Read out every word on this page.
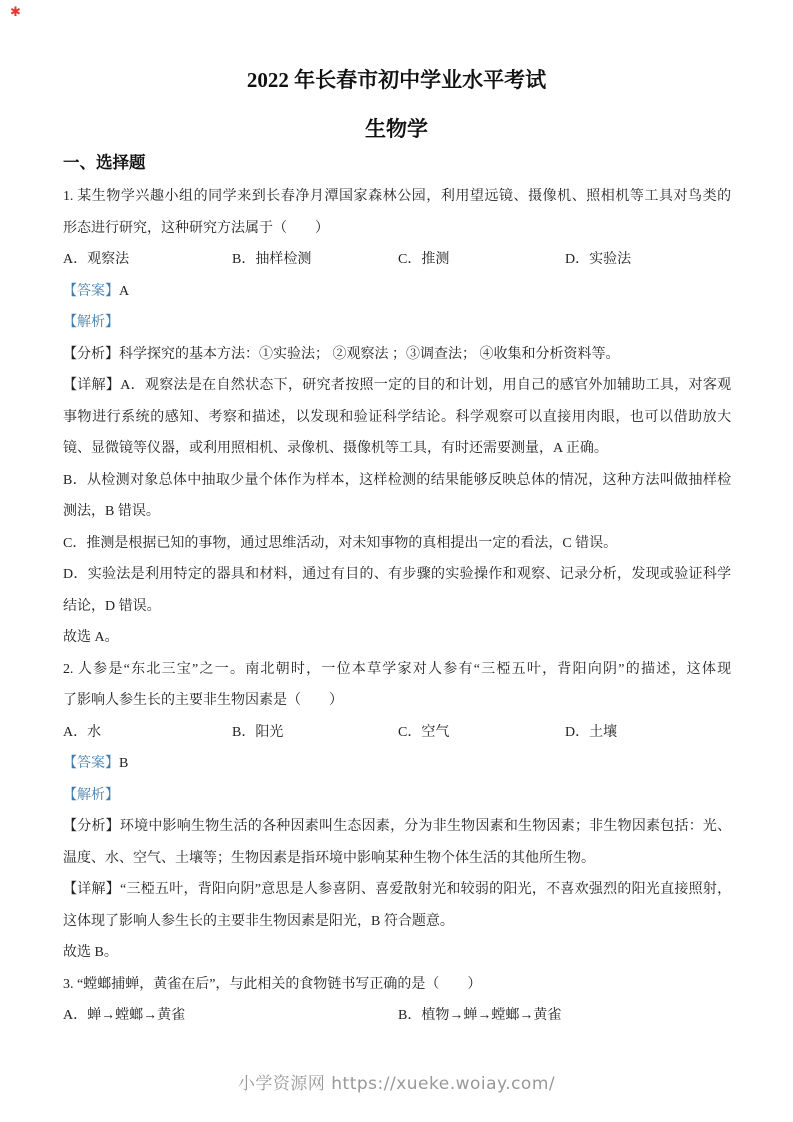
✱
2022 年长春市初中学业水平考试
生物学
一、选择题
1. 某生物学兴趣小组的同学来到长春净月潭国家森林公园，利用望远镜、摄像机、照相机等工具对鸟类的
形态进行研究，这种研究方法属于（　　）
A．观察法	B．抽样检测	C．推测	D．实验法
【答案】A
【解析】
【分析】科学探究的基本方法：①实验法； ②观察法 ；③调查法； ④收集和分析资料等。
【详解】A．观察法是在自然状态下，研究者按照一定的目的和计划，用自己的感官外加辅助工具，对客观
事物进行系统的感知、考察和描述，以发现和验证科学结论。科学观察可以直接用肉眼，也可以借助放大
镜、显微镜等仪器，或利用照相机、录像机、摄像机等工具，有时还需要测量，A 正确。
B．从检测对象总体中抽取少量个体作为样本，这样检测的结果能够反映总体的情况，这种方法叫做抽样检
测法，B 错误。
C．推测是根据已知的事物，通过思维活动，对未知事物的真相提出一定的看法，C 错误。
D．实验法是利用特定的器具和材料，通过有目的、有步骤的实验操作和观察、记录分析，发现或验证科学
结论，D 错误。
故选 A。
2. 人参是“东北三宝”之一。南北朝时，一位本草学家对人参有“三椏五叶，背阳向阴”的描述，这体现
了影响人参生长的主要非生物因素是（　　）
A．水	B．阳光	C．空气	D．土壤
【答案】B
【解析】
【分析】环境中影响生物生活的各种因素叫生态因素，分为非生物因素和生物因素；非生物因素包括：光、
温度、水、空气、土壤等；生物因素是指环境中影响某种生物个体生活的其他所生物。
【详解】“三椏五叶，背阳向阴”意思是人参喜阴、喜爱散射光和较弱的阳光，不喜欢强烈的阳光直接照射，
这体现了影响人参生长的主要非生物因素是阳光，B 符合题意。
故选 B。
3. “螳螂捕蝉，黄雀在后”，与此相关的食物链书写正确的是（　　）
A．蝉→螳螂→黄雀	B．植物→蝉→螳螂→黄雀
小学资源网 https://xueke.woiay.com/
